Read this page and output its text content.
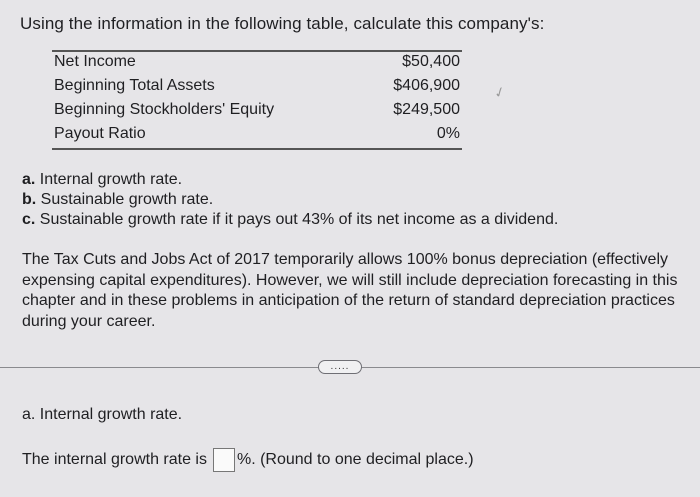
Using the information in the following table, calculate this company's:
Net Income	$50,400
Beginning Total Assets	$406,900
Beginning Stockholders' Equity	$249,500
Payout Ratio	0%
✓
a. Internal growth rate.
b. Sustainable growth rate.
c. Sustainable growth rate if it pays out 43% of its net income as a dividend.
The Tax Cuts and Jobs Act of 2017 temporarily allows 100% bonus depreciation (effectively expensing capital expenditures). However, we will still include depreciation forecasting in this chapter and in these problems in anticipation of the return of standard depreciation practices during your career.
.....
a. Internal growth rate.
The internal growth rate is %. (Round to one decimal place.)
